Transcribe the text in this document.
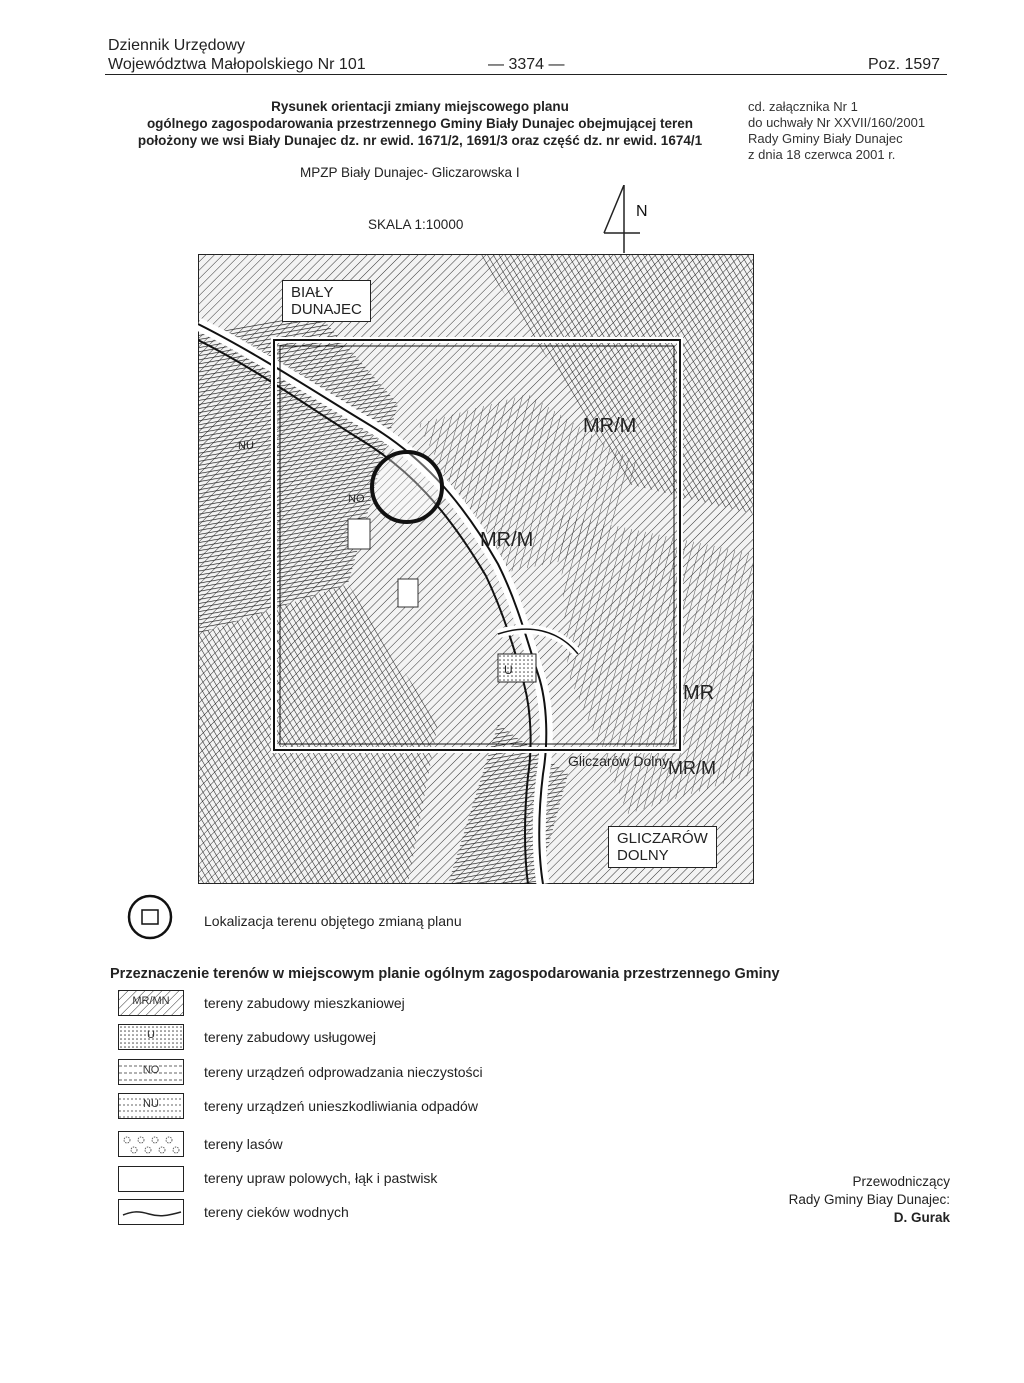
Dziennik Urzędowy
Województwa Małopolskiego Nr 101	— 3374 —	Poz. 1597
Rysunek orientacji zmiany miejscowego planu
ogólnego zagospodarowania przestrzennego Gminy Biały Dunajec obejmującej teren
położony we wsi Biały Dunajec dz. nr ewid. 1671/2, 1691/3 oraz część dz. nr ewid. 1674/1
MPZP Biały Dunajec- Gliczarowska I
SKALA 1:10000
cd. załącznika Nr 1
do uchwały Nr XXVII/160/2001
Rady Gminy Biały Dunajec
z dnia 18 czerwca 2001 r.
N
U
MR/M
MR/M
MR
NU
NO
MR/M
Gliczarów Dolny
BIAŁY
DUNAJEC
GLICZARÓW
DOLNY
Lokalizacja terenu objętego zmianą planu
Przeznaczenie terenów w miejscowym planie ogólnym zagospodarowania przestrzennego Gminy
MR/MN	tereny zabudowy mieszkaniowej
U	tereny zabudowy usługowej
NO	tereny urządzeń odprowadzania nieczystości
NU	tereny urządzeń unieszkodliwiania odpadów
tereny lasów
tereny upraw polowych, łąk i pastwisk
tereny cieków wodnych
Przewodniczący
Rady Gminy Biay Dunajec:
D. Gurak
